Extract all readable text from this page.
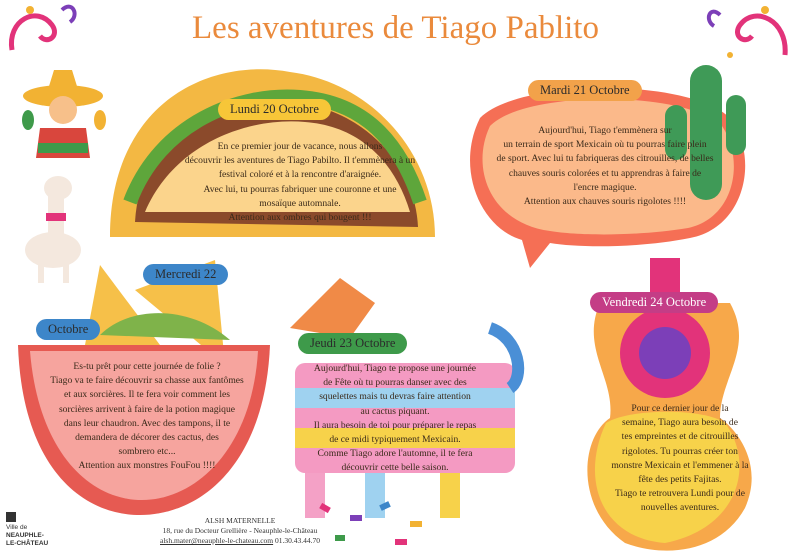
Les aventures de Tiago Pablito
Lundi 20 Octobre
Mardi 21 Octobre
Mercredi 22
Octobre
Jeudi 23 Octobre
Vendredi 24 Octobre
En ce premier jour de vacance, nous allons
découvrir les aventures de Tiago Pabilto. Il t'emmènera à un
festival coloré et à la rencontre d'araignée.
Avec lui, tu pourras fabriquer une couronne et une
mosaïque automnale.
Attention aux ombres qui bougent !!!
Aujourd'hui, Tiago t'emmènera sur
un terrain de sport Mexicain où tu pourras faire plein
de sport. Avec lui tu fabriqueras des citrouilles, de belles
chauves souris colorées et tu apprendras à faire de
l'encre magique.
Attention aux chauves souris rigolotes !!!!
Es-tu prêt pour cette journée de folie ?
Tiago va te faire découvrir sa chasse aux fantômes
et aux sorcières. Il te fera voir comment les
sorcières arrivent à faire de la potion magique
dans leur chaudron. Avec des tampons, il te
demandera de décorer des cactus, des
sombrero etc...
Attention aux monstres FouFou !!!!
Aujourd'hui, Tiago te propose une journée
de Fête où tu pourras danser avec des
squelettes mais tu devras faire attention
au cactus piquant.
Il aura besoin de toi pour préparer le repas
de ce midi typiquement Mexicain.
Comme Tiago adore l'automne, il te fera
découvrir cette belle saison.
Pour ce dernier jour de la
semaine, Tiago aura besoin de
tes empreintes et de citrouilles
rigolotes. Tu pourras créer ton
monstre Mexicain et l'emmener à la
fête des petits Fajitas.
Tiago te retrouvera Lundi pour de
nouvelles aventures.
Ville de
NEAUPHLE-
LE-CHÂTEAU
ALSH MATERNELLE
18, rue du Docteur Grellière - Neauphle-le-Château
alsh.mater@neauphle-le-chateau.com 01.30.43.44.70
